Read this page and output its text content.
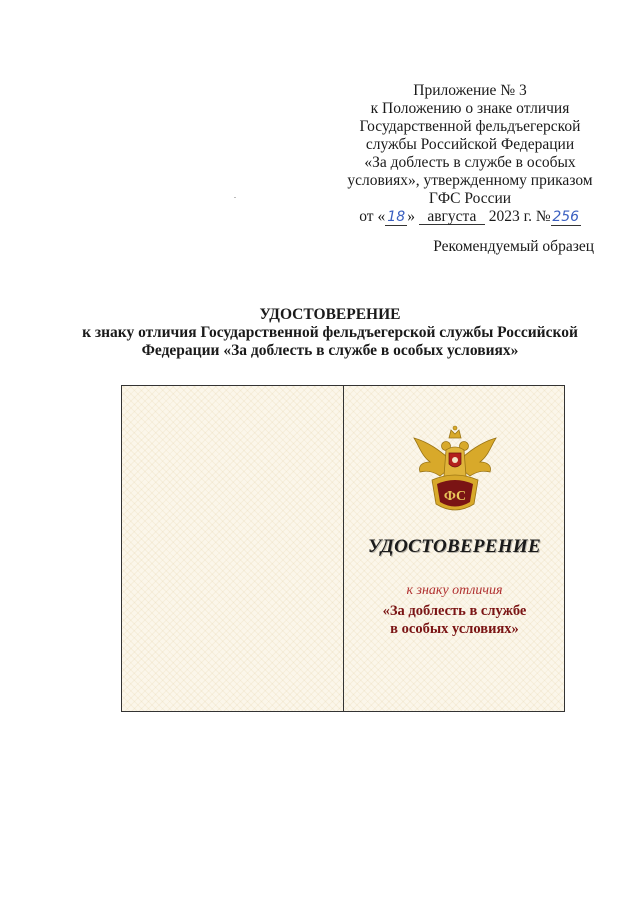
Приложение № 3
к Положению о знаке отличия
Государственной фельдъегерской
службы Российской Федерации
«За доблесть в службе в особых
условиях», утвержденному приказом
ГФС России
от « 18 » августа 2023 г. № 256
Рекомендуемый образец
УДОСТОВЕРЕНИЕ
к знаку отличия Государственной фельдъегерской службы Российской
Федерации «За доблесть в службе в особых условиях»
ФС
УДОСТОВЕРЕНИЕ
к знаку отличия
«За доблесть в службе
в особых условиях»
